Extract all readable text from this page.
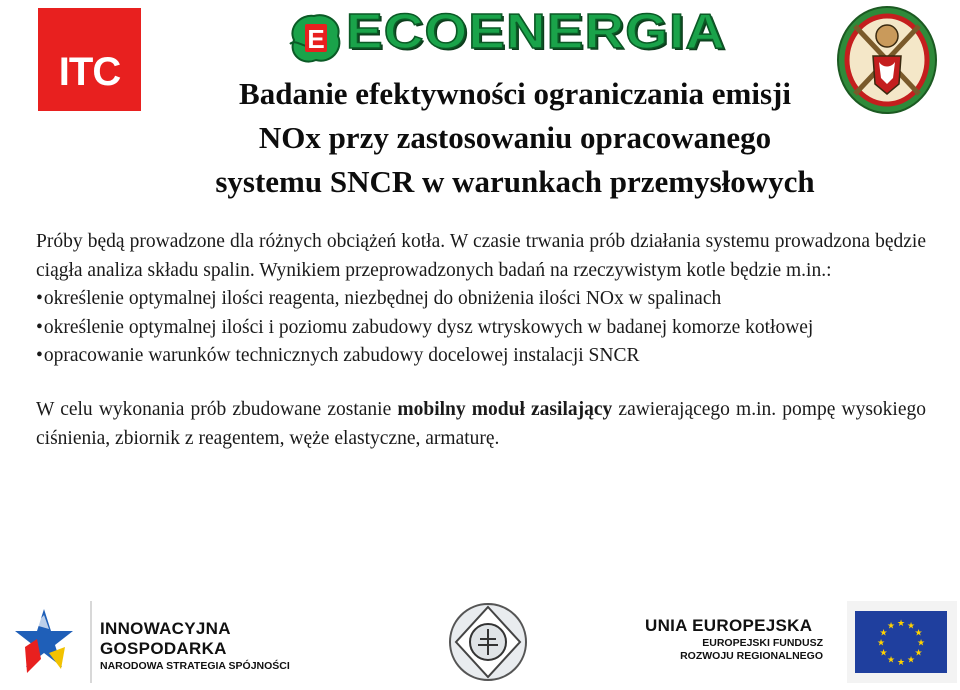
ITC
E ECOENERGIA
Badanie efektywności ograniczania emisji
NOx przy zastosowaniu opracowanego
systemu SNCR w warunkach przemysłowych

Próby będą prowadzone dla różnych obciążeń kotła. W czasie trwania prób działania systemu prowadzona będzie ciągła analiza składu spalin. Wynikiem przeprowadzonych badań na rzeczywistym kotle będzie m.in.:

•określenie optymalnej ilości reagenta, niezbędnej do obniżenia ilości NOx w spalinach
•określenie optymalnej ilości i poziomu zabudowy dysz wtryskowych w badanej komorze kotłowej
•opracowanie warunków technicznych zabudowy docelowej instalacji SNCR

W celu wykonania prób zbudowane zostanie mobilny moduł zasilający zawierającego m.in. pompę wysokiego ciśnienia, zbiornik z reagentem, węże elastyczne, armaturę.

INNOWACYJNA
GOSPODARKA
NARODOWA STRATEGIA SPÓJNOŚCI
UNIA EUROPEJSKA
EUROPEJSKI FUNDUSZ
ROZWOJU REGIONALNEGO
★ ★
★
★
★
★
★
★
★
★
★
★
